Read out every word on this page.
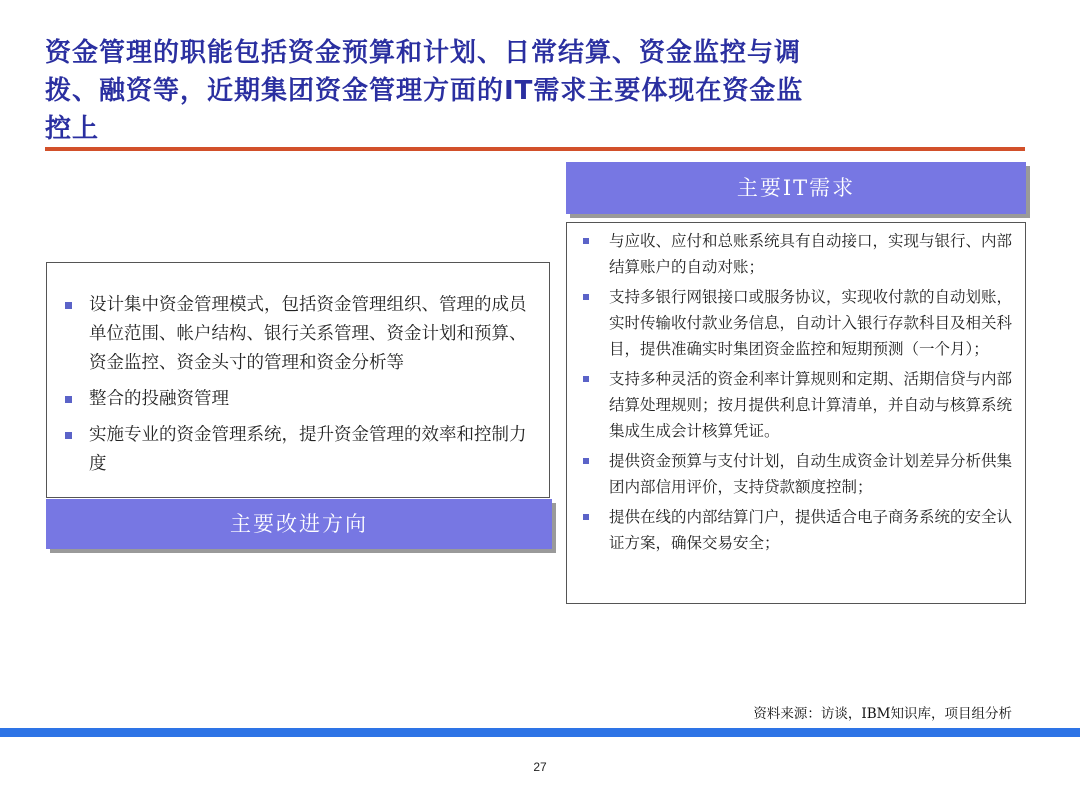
资金管理的职能包括资金预算和计划、日常结算、资金监控与调拨、融资等，近期集团资金管理方面的IT需求主要体现在资金监控上
设计集中资金管理模式，包括资金管理组织、管理的成员单位范围、帐户结构、银行关系管理、资金计划和预算、资金监控、资金头寸的管理和资金分析等
整合的投融资管理
实施专业的资金管理系统，提升资金管理的效率和控制力度
主要改进方向
主要IT需求
与应收、应付和总账系统具有自动接口，实现与银行、内部结算账户的自动对账；
支持多银行网银接口或服务协议，实现收付款的自动划账，实时传输收付款业务信息，自动计入银行存款科目及相关科目，提供准确实时集团资金监控和短期预测（一个月）；
支持多种灵活的资金利率计算规则和定期、活期信贷与内部结算处理规则；按月提供利息计算清单，并自动与核算系统集成生成会计核算凭证。
提供资金预算与支付计划，自动生成资金计划差异分析供集团内部信用评价，支持贷款额度控制；
提供在线的内部结算门户，提供适合电子商务系统的安全认证方案，确保交易安全；
资料来源：访谈，IBM知识库，项目组分析
27
